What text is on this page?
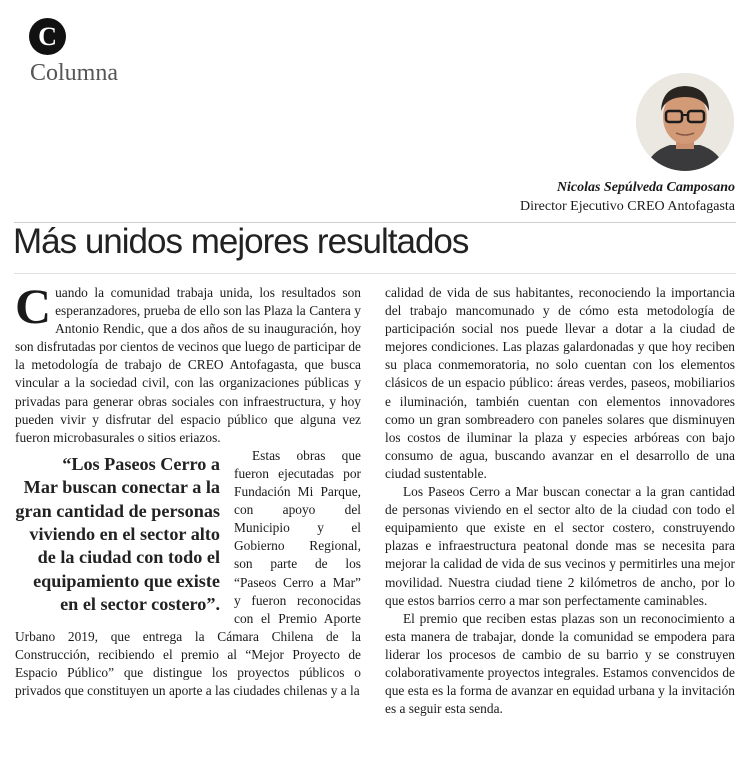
C
Columna
Nicolas Sepúlveda Camposano
Director Ejecutivo CREO Antofagasta
Más unidos mejores resultados

Cuando la comunidad trabaja unida, los resultados son esperanzadores, prueba de ello son las Plaza la Cantera y Antonio Rendic, que a dos años de su inauguración, hoy son disfrutadas por cientos de vecinos que luego de participar de la metodología de trabajo de CREO Antofagasta, que busca vincular a la sociedad civil, con las organizaciones públicas y privadas para generar obras sociales con infraestructura, y hoy pueden vivir y disfrutar del espacio público que alguna vez fueron microbasurales o sitios eriazos.

“Los Paseos Cerro a Mar buscan conectar a la gran cantidad de personas viviendo en el sector alto de la ciudad con todo el equipamiento que existe en el sector costero”.
Estas obras que fueron ejecutadas por Fundación Mi Parque, con apoyo del Municipio y el Gobierno Regional, son parte de los “Paseos Cerro a Mar” y fueron reconocidas con el Premio Aporte Urbano 2019, que entrega la Cámara Chilena de la Construcción, recibiendo el premio al “Mejor Proyecto de Espacio Público” que distingue los proyectos públicos o privados que constituyen un aporte a las ciudades chilenas y a la

calidad de vida de sus habitantes, reconociendo la importancia del trabajo mancomunado y de cómo esta metodología de participación social nos puede llevar a dotar a la ciudad de mejores condiciones. Las plazas galardonadas y que hoy reciben su placa conmemoratoria, no solo cuentan con los elementos clásicos de un espacio público: áreas verdes, paseos, mobiliarios e iluminación, también cuentan con elementos innovadores como un gran sombreadero con paneles solares que disminuyen los costos de iluminar la plaza y especies arbóreas con bajo consumo de agua, buscando avanzar en el desarrollo de una ciudad sustentable.

Los Paseos Cerro a Mar buscan conectar a la gran cantidad de personas viviendo en el sector alto de la ciudad con todo el equipamiento que existe en el sector costero, construyendo plazas e infraestructura peatonal donde mas se necesita para mejorar la calidad de vida de sus vecinos y permitirles una mejor movilidad. Nuestra ciudad tiene 2 kilómetros de ancho, por lo que estos barrios cerro a mar son perfectamente caminables.

El premio que reciben estas plazas son un reconocimiento a esta manera de trabajar, donde la comunidad se empodera para liderar los procesos de cambio de su barrio y se construyen colaborativamente proyectos integrales. Estamos convencidos de que esta es la forma de avanzar en equidad urbana y la invitación es a seguir esta senda.
